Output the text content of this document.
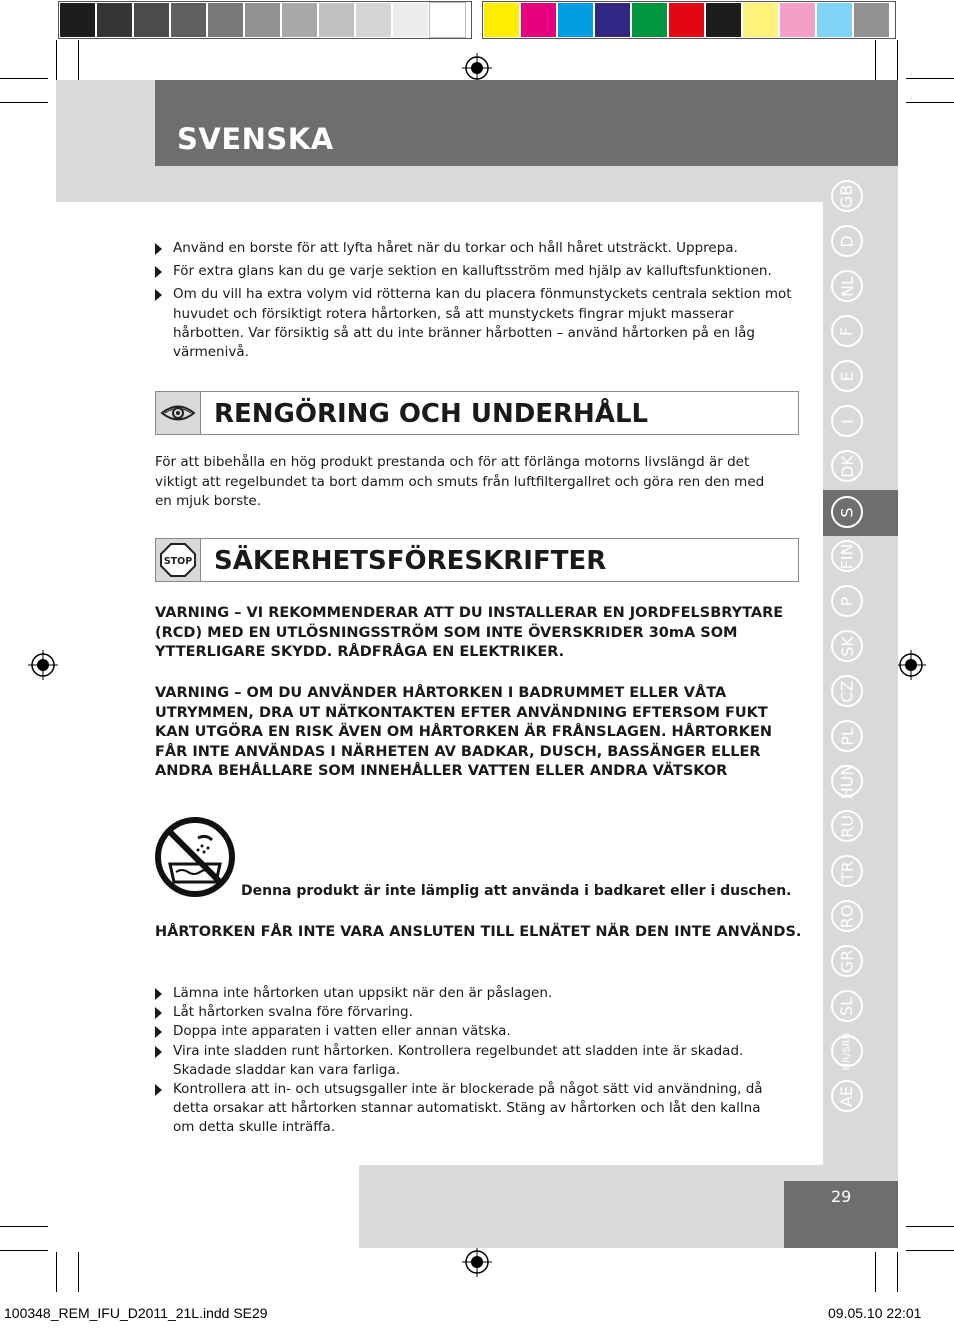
SVENSKA
GB
D
NL
F
E
I
DK
S
FIN
P
SK
CZ
PL
HUN
RU
TR
RO
GR
SL
HR/SRB
AE
Använd en borste för att lyfta håret när du torkar och håll håret utsträckt. Upprepa.
För extra glans kan du ge varje sektion en kalluftsström med hjälp av kalluftsfunktionen.
Om du vill ha extra volym vid rötterna kan du placera fönmunstyckets centrala sektion mot huvudet och försiktigt rotera hårtorken, så att munstyckets fingrar mjukt masserar hårbotten. Var försiktig så att du inte bränner hårbotten – använd hårtorken på en låg värmenivå.
RENGÖRING OCH UNDERHÅLL
För att bibehålla en hög produkt prestanda och för att förlänga motorns livslängd är det viktigt att regelbundet ta bort damm och smuts från luftfiltergallret och göra ren den med en mjuk borste.
STOP SÄKERHETSFÖRESKRIFTER
VARNING – VI REKOMMENDERAR ATT DU INSTALLERAR EN JORDFELSBRYTARE (RCD) MED EN UTLÖSNINGSSTRÖM SOM INTE ÖVERSKRIDER 30mA SOM YTTERLIGARE SKYDD. RÅDFRÅGA EN ELEKTRIKER.
VARNING – OM DU ANVÄNDER HÅRTORKEN I BADRUMMET ELLER VÅTA UTRYMMEN, DRA UT NÄTKONTAKTEN EFTER ANVÄNDNING EFTERSOM FUKT KAN UTGÖRA EN RISK ÄVEN OM HÅRTORKEN ÄR FRÅNSLAGEN. HÅRTORKEN FÅR INTE ANVÄNDAS I NÄRHETEN AV BADKAR, DUSCH, BASSÄNGER ELLER ANDRA BEHÅLLARE SOM INNEHÅLLER VATTEN ELLER ANDRA VÄTSKOR
Denna produkt är inte lämplig att använda i badkaret eller i duschen.
HÅRTORKEN FÅR INTE VARA ANSLUTEN TILL ELNÄTET NÄR DEN INTE ANVÄNDS.
Lämna inte hårtorken utan uppsikt när den är påslagen.
Låt hårtorken svalna före förvaring.
Doppa inte apparaten i vatten eller annan vätska.
Vira inte sladden runt hårtorken. Kontrollera regelbundet att sladden inte är skadad. Skadade sladdar kan vara farliga.
Kontrollera att in- och utsugsgaller inte är blockerade på något sätt vid användning, då detta orsakar att hårtorken stannar automatiskt. Stäng av hårtorken och låt den kallna om detta skulle inträffa.
29
100348_REM_IFU_D2011_21L.indd SE29	09.05.10 22:01
